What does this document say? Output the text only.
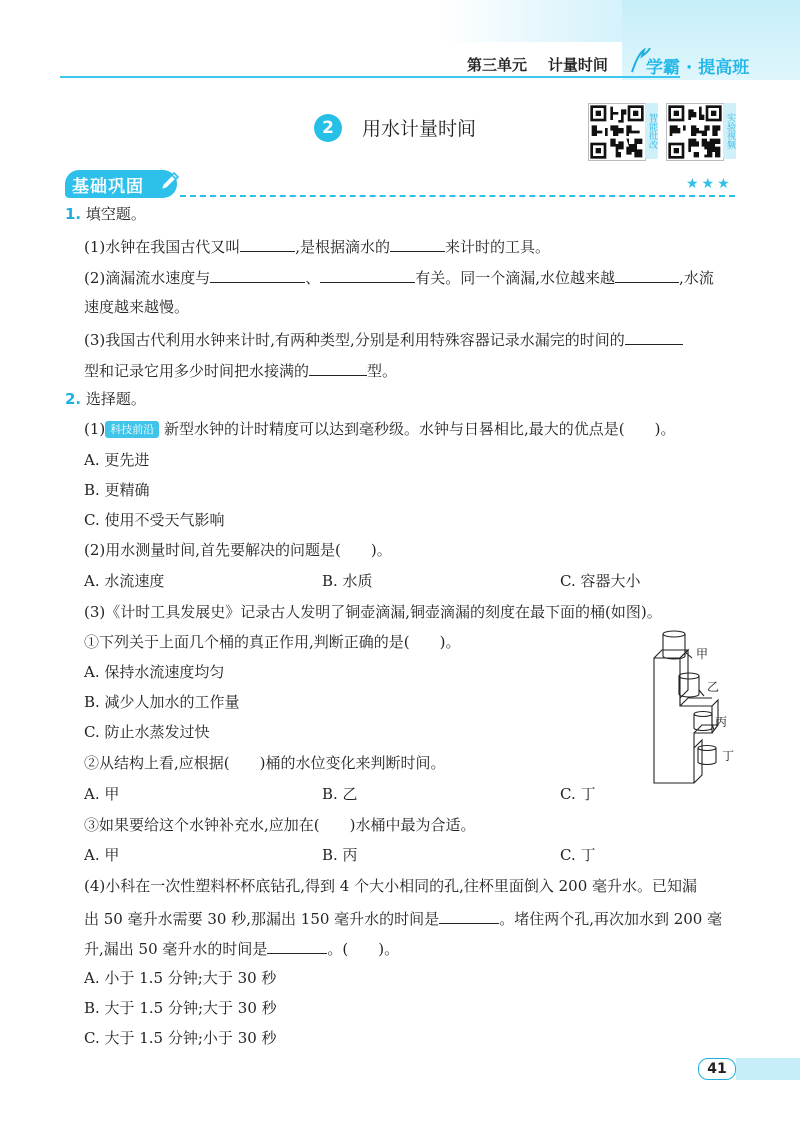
第三单元    计量时间 学霸 · 提高班
2	用水计量时间	智能批改	实验视频
基础巩固	★★★
1. 填空题。
(1)水钟在我国古代又叫	,是根据滴水的	来计时的工具。
(2)滴漏流水速度与	、	有关。同一个滴漏,水位越来越	,水流
速度越来越慢。
(3)我国古代利用水钟来计时,有两种类型,分别是利用特殊容器记录水漏完的时间的
型和记录它用多少时间把水接满的	型。
2. 选择题。
(1) 科技前沿 新型水钟的计时精度可以达到毫秒级。水钟与日晷相比,最大的优点是( )。
A. 更先进
B. 更精确
C. 使用不受天气影响
(2)用水测量时间,首先要解决的问题是( )。
A. 水流速度	B. 水质	C. 容器大小
(3)《计时工具发展史》记录古人发明了铜壶滴漏,铜壶滴漏的刻度在最下面的桶(如图)。
①下列关于上面几个桶的真正作用,判断正确的是( )。
A. 保持水流速度均匀
B. 减少人加水的工作量
C. 防止水蒸发过快
②从结构上看,应根据( )桶的水位变化来判断时间。
A. 甲	B. 乙	C. 丁
③如果要给这个水钟补充水,应加在( )水桶中最为合适。
A. 甲	B. 丙	C. 丁
(4)小科在一次性塑料杯杯底钻孔,得到 4 个大小相同的孔,往杯里面倒入 200 毫升水。已知漏
出 50 毫升水需要 30 秒,那漏出 150 毫升水的时间是	。堵住两个孔,再次加水到 200 毫
升,漏出 50 毫升水的时间是	。( )。
A. 小于 1.5 分钟;大于 30 秒
B. 大于 1.5 分钟;大于 30 秒
C. 大于 1.5 分钟;小于 30 秒
甲
乙
丙
丁
41
